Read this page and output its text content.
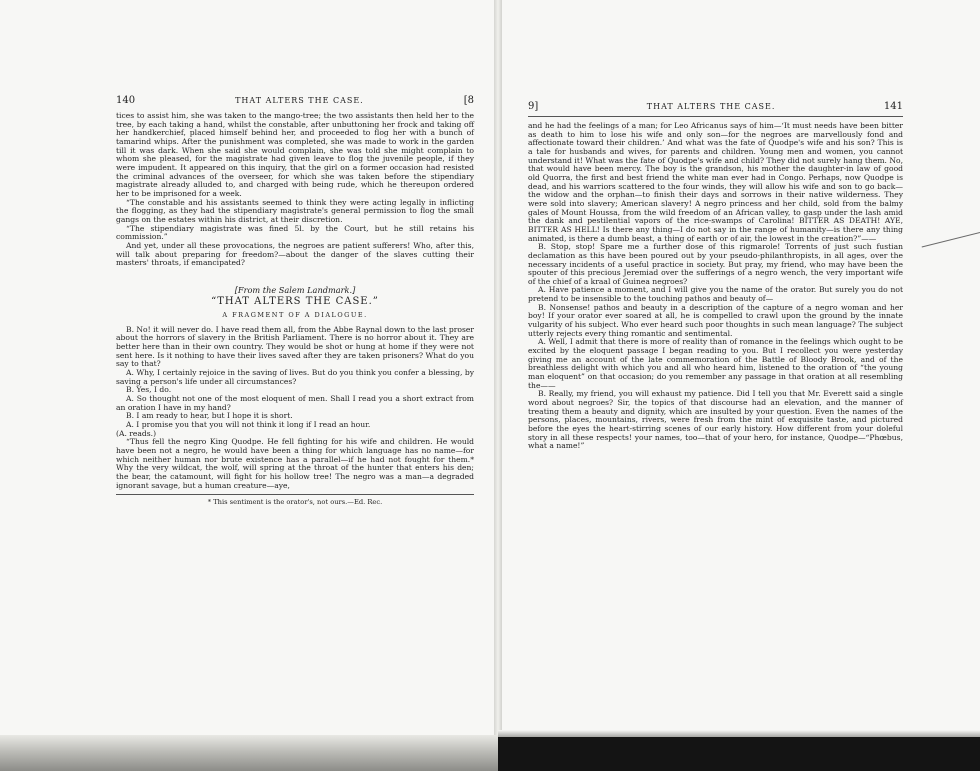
140	THAT ALTERS THE CASE.	[8

tices to assist him, she was taken to the mango-tree; the two assistants then held her to the tree, by each taking a hand, whilst the constable, after unbuttoning her frock and taking off her handkerchief, placed himself behind her, and proceeded to flog her with a bunch of tamarind whips. After the punishment was completed, she was made to work in the garden till it was dark. When she said she would complain, she was told she might complain to whom she pleased, for the magistrate had given leave to flog the juvenile people, if they were impudent. It appeared on this inquiry, that the girl on a former occasion had resisted the criminal advances of the overseer, for which she was taken before the stipendiary magistrate already alluded to, and charged with being rude, which he thereupon ordered her to be imprisoned for a week.

“The constable and his assistants seemed to think they were acting legally in inflicting the flogging, as they had the stipendiary magistrate's general permission to flog the small gangs on the estates within his district, at their discretion.

“The stipendiary magistrate was fined 5l. by the Court, but he still retains his commission.”

And yet, under all these provocations, the negroes are patient sufferers! Who, after this, will talk about preparing for freedom?—about the danger of the slaves cutting their masters' throats, if emancipated?

[From the Salem Landmark.]

“THAT ALTERS THE CASE.”

A FRAGMENT OF A DIALOGUE.

B. No! it will never do. I have read them all, from the Abbe Raynal down to the last proser about the horrors of slavery in the British Parliament. There is no horror about it. They are better here than in their own country. They would be shot or hung at home if they were not sent here. Is it nothing to have their lives saved after they are taken prisoners? What do you say to that?

A. Why, I certainly rejoice in the saving of lives. But do you think you confer a blessing, by saving a person's life under all circumstances?

B. Yes, I do.

A. So thought not one of the most eloquent of men. Shall I read you a short extract from an oration I have in my hand?

B. I am ready to hear, but I hope it is short.

A. I promise you that you will not think it long if I read an hour.

(A. reads.)

“Thus fell the negro King Quodpe. He fell fighting for his wife and children. He would have been not a negro, he would have been a thing for which language has no name—for which neither human nor brute existence has a parallel—if he had not fought for them.* Why the very wildcat, the wolf, will spring at the throat of the hunter that enters his den; the bear, the catamount, will fight for his hollow tree! The negro was a man—a degraded ignorant savage, but a human creature—aye,

* This sentiment is the orator's, not ours.—Ed. Rec.
9]	THAT ALTERS THE CASE.	141

and he had the feelings of a man; for Leo Africanus says of him—‘It must needs have been bitter as death to him to lose his wife and only son—for the negroes are marvellously fond and affectionate toward their children.’ And what was the fate of Quodpe's wife and his son? This is a tale for husbands and wives, for parents and children. Young men and women, you cannot understand it! What was the fate of Quodpe's wife and child? They did not surely hang them. No, that would have been mercy. The boy is the grandson, his mother the daughter-in law of good old Quorra, the first and best friend the white man ever had in Congo. Perhaps, now Quodpe is dead, and his warriors scattered to the four winds, they will allow his wife and son to go back—the widow and the orphan—to finish their days and sorrows in their native wilderness. They were sold into slavery; American slavery! A negro princess and her child, sold from the balmy gales of Mount Houssa, from the wild freedom of an African valley, to gasp under the lash amid the dank and pestilential vapors of the rice-swamps of Carolina! BITTER AS DEATH! AYE, BITTER AS HELL! Is there any thing—I do not say in the range of humanity—is there any thing animated, is there a dumb beast, a thing of earth or of air, the lowest in the creation?”——

B. Stop, stop! Spare me a further dose of this rigmarole! Torrents of just such fustian declamation as this have been poured out by your pseudo-philanthropists, in all ages, over the necessary incidents of a useful practice in society. But pray, my friend, who may have been the spouter of this precious Jeremiad over the sufferings of a negro wench, the very important wife of the chief of a kraal of Guinea negroes?

A. Have patience a moment, and I will give you the name of the orator. But surely you do not pretend to be insensible to the touching pathos and beauty of—

B. Nonsense! pathos and beauty in a description of the capture of a negro woman and her boy! If your orator ever soared at all, he is compelled to crawl upon the ground by the innate vulgarity of his subject. Who ever heard such poor thoughts in such mean language? The subject utterly rejects every thing romantic and sentimental.

A. Well, I admit that there is more of reality than of romance in the feelings which ought to be excited by the eloquent passage I began reading to you. But I recollect you were yesterday giving me an account of the late commemoration of the Battle of Bloody Brook, and of the breathless delight with which you and all who heard him, listened to the oration of “the young man eloquent” on that occasion; do you remember any passage in that oration at all resembling the——

B. Really, my friend, you will exhaust my patience. Did I tell you that Mr. Everett said a single word about negroes? Sir, the topics of that discourse had an elevation, and the manner of treating them a beauty and dignity, which are insulted by your question. Even the names of the persons, places, mountains, rivers, were fresh from the mint of exquisite taste, and pictured before the eyes the heart-stirring scenes of our early history. How different from your doleful story in all these respects! your names, too—that of your hero, for instance, Quodpe—“Phœbus, what a name!”
